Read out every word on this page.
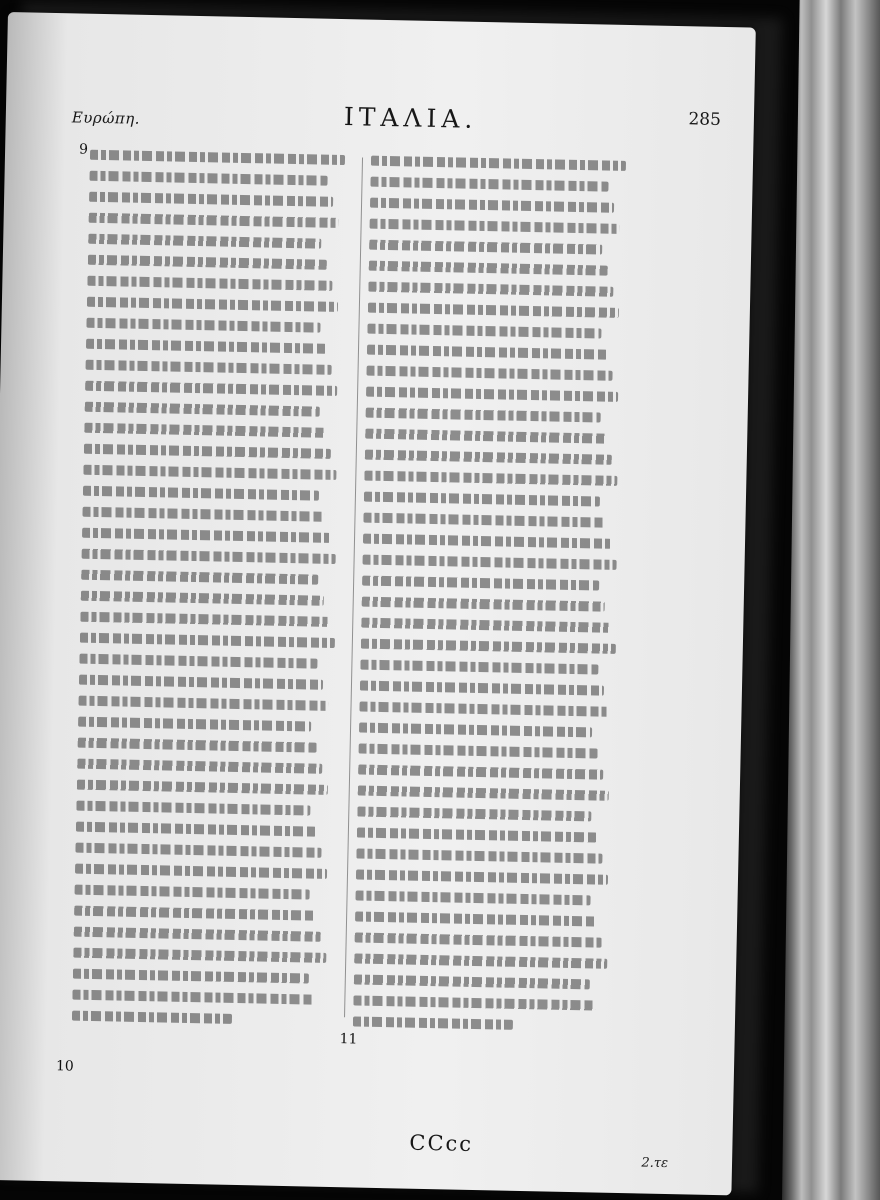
Ευρώπη.	ΙΤΑΛΙΑ.	285
9
10
11
CCcc
2.τε
